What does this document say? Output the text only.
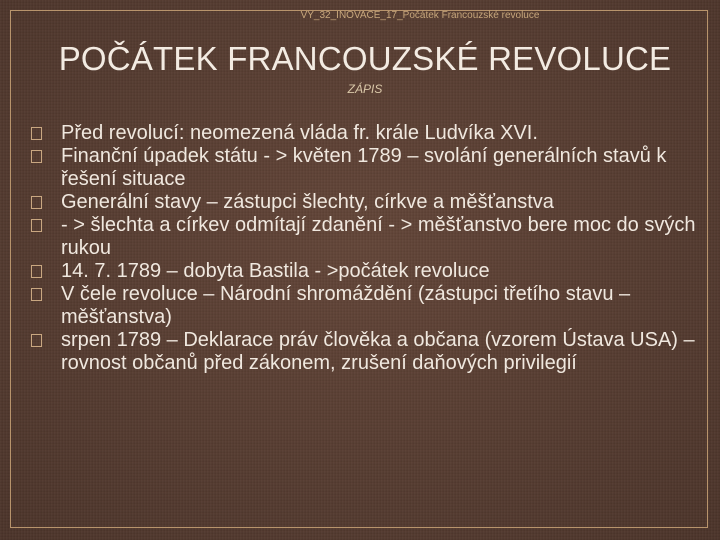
VY_32_INOVACE_17_Počátek Francouzské revoluce
POČÁTEK FRANCOUZSKÉ REVOLUCE
ZÁPIS
Před revolucí: neomezená vláda fr. krále Ludvíka XVI.
Finanční úpadek státu - > květen 1789 – svolání generálních stavů k řešení situace
Generální stavy – zástupci šlechty, církve a měšťanstva
- > šlechta a církev odmítají zdanění - > měšťanstvo bere moc do svých rukou
14. 7. 1789 – dobyta Bastila - >počátek revoluce
V čele revoluce – Národní shromáždění (zástupci třetího stavu – měšťanstva)
srpen 1789 – Deklarace práv člověka a občana (vzorem Ústava USA) – rovnost občanů před zákonem, zrušení daňových privilegií
